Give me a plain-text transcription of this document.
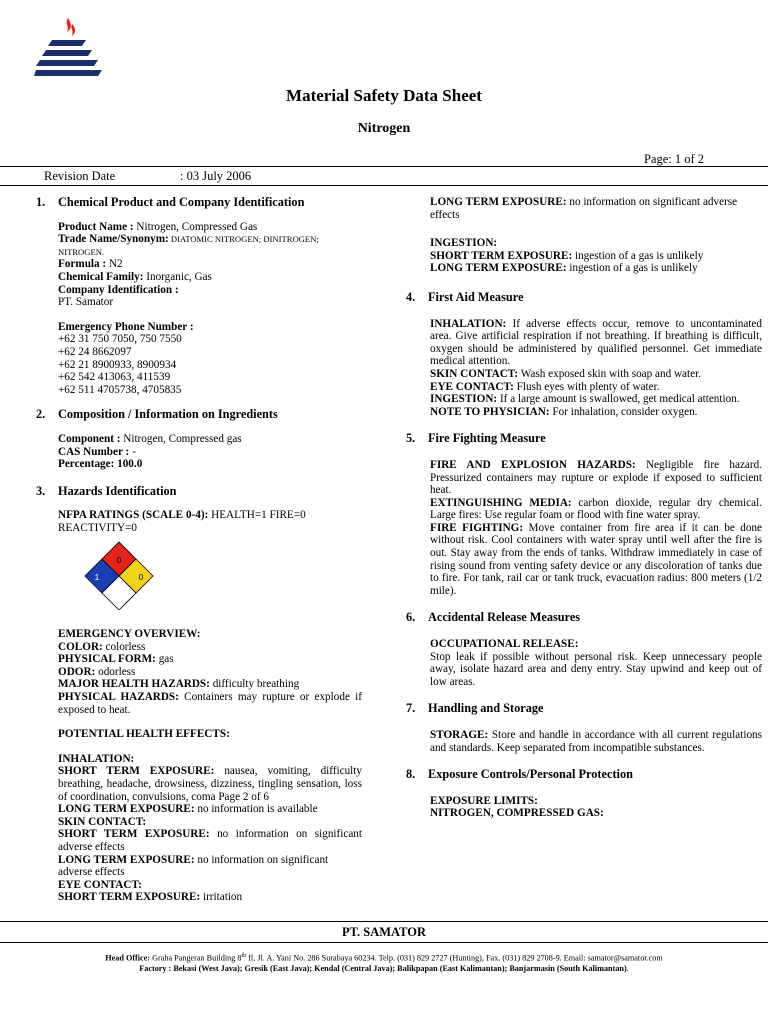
Material Safety Data Sheet
Nitrogen
Page: 1 of 2
Revision Date	: 03 July 2006
1. Chemical Product and Company Identification

Product Name : Nitrogen, Compressed Gas

Trade Name/Synonym: DIATOMIC NITROGEN; DINITROGEN; NITROGEN.

Formula : N2

Chemical Family: Inorganic, Gas

Company Identification :

PT. Samator

Emergency Phone Number :

+62 31 750 7050, 750 7550

+62 24 8662097

+62 21 8900933, 8900934

+62 542 413063, 411539

+62 511 4705738, 4705835

2. Composition / Information on Ingredients

Component : Nitrogen, Compressed gas

CAS Number : -

Percentage: 100.0

3. Hazards Identification

NFPA RATINGS (SCALE 0-4): HEALTH=1 FIRE=0 REACTIVITY=0

0
1	0

EMERGENCY OVERVIEW:

COLOR: colorless

PHYSICAL FORM: gas

ODOR: odorless

MAJOR HEALTH HAZARDS: difficulty breathing

PHYSICAL HAZARDS: Containers may rupture or explode if exposed to heat.

POTENTIAL HEALTH EFFECTS:

INHALATION:

SHORT TERM EXPOSURE: nausea, vomiting, difficulty breathing, headache, drowsiness, dizziness, tingling sensation, loss of coordination, convulsions, coma Page 2 of 6

LONG TERM EXPOSURE: no information is available

SKIN CONTACT:

SHORT TERM EXPOSURE: no information on significant adverse effects

LONG TERM EXPOSURE: no information on significant adverse effects

EYE CONTACT:

SHORT TERM EXPOSURE: irritation

LONG TERM EXPOSURE: no information on significant adverse effects

INGESTION:

SHORT TERM EXPOSURE: ingestion of a gas is unlikely

LONG TERM EXPOSURE: ingestion of a gas is unlikely

4. First Aid Measure

INHALATION: If adverse effects occur, remove to uncontaminated area. Give artificial respiration if not breathing. If breathing is difficult, oxygen should be administered by qualified personnel. Get immediate medical attention.

SKIN CONTACT: Wash exposed skin with soap and water.

EYE CONTACT: Flush eyes with plenty of water.

INGESTION: If a large amount is swallowed, get medical attention.

NOTE TO PHYSICIAN: For inhalation, consider oxygen.

5. Fire Fighting Measure

FIRE AND EXPLOSION HAZARDS: Negligible fire hazard. Pressurized containers may rupture or explode if exposed to sufficient heat.

EXTINGUISHING MEDIA: carbon dioxide, regular dry chemical. Large fires: Use regular foam or flood with fine water spray.

FIRE FIGHTING: Move container from fire area if it can be done without risk. Cool containers with water spray until well after the fire is out. Stay away from the ends of tanks. Withdraw immediately in case of rising sound from venting safety device or any discoloration of tanks due to fire. For tank, rail car or tank truck, evacuation radius: 800 meters (1/2 mile).

6. Accidental Release Measures

OCCUPATIONAL RELEASE:

Stop leak if possible without personal risk. Keep unnecessary people away, isolate hazard area and deny entry. Stay upwind and keep out of low areas.

7. Handling and Storage

STORAGE: Store and handle in accordance with all current regulations and standards. Keep separated from incompatible substances.

8. Exposure Controls/Personal Protection

EXPOSURE LIMITS:

NITROGEN, COMPRESSED GAS:

PT. SAMATOR
Head Office: Graha Pangeran Building 8th fl, Jl. A. Yani No. 286 Surabaya 60234. Telp. (031) 829 2727 (Hunting), Fax. (031) 829 2708-9. Email: samator@samator.com
Factory : Bekasi (West Java); Gresik (East Java); Kendal (Central Java); Balikpapan (East Kalimantan); Banjarmasin (South Kalimantan).
